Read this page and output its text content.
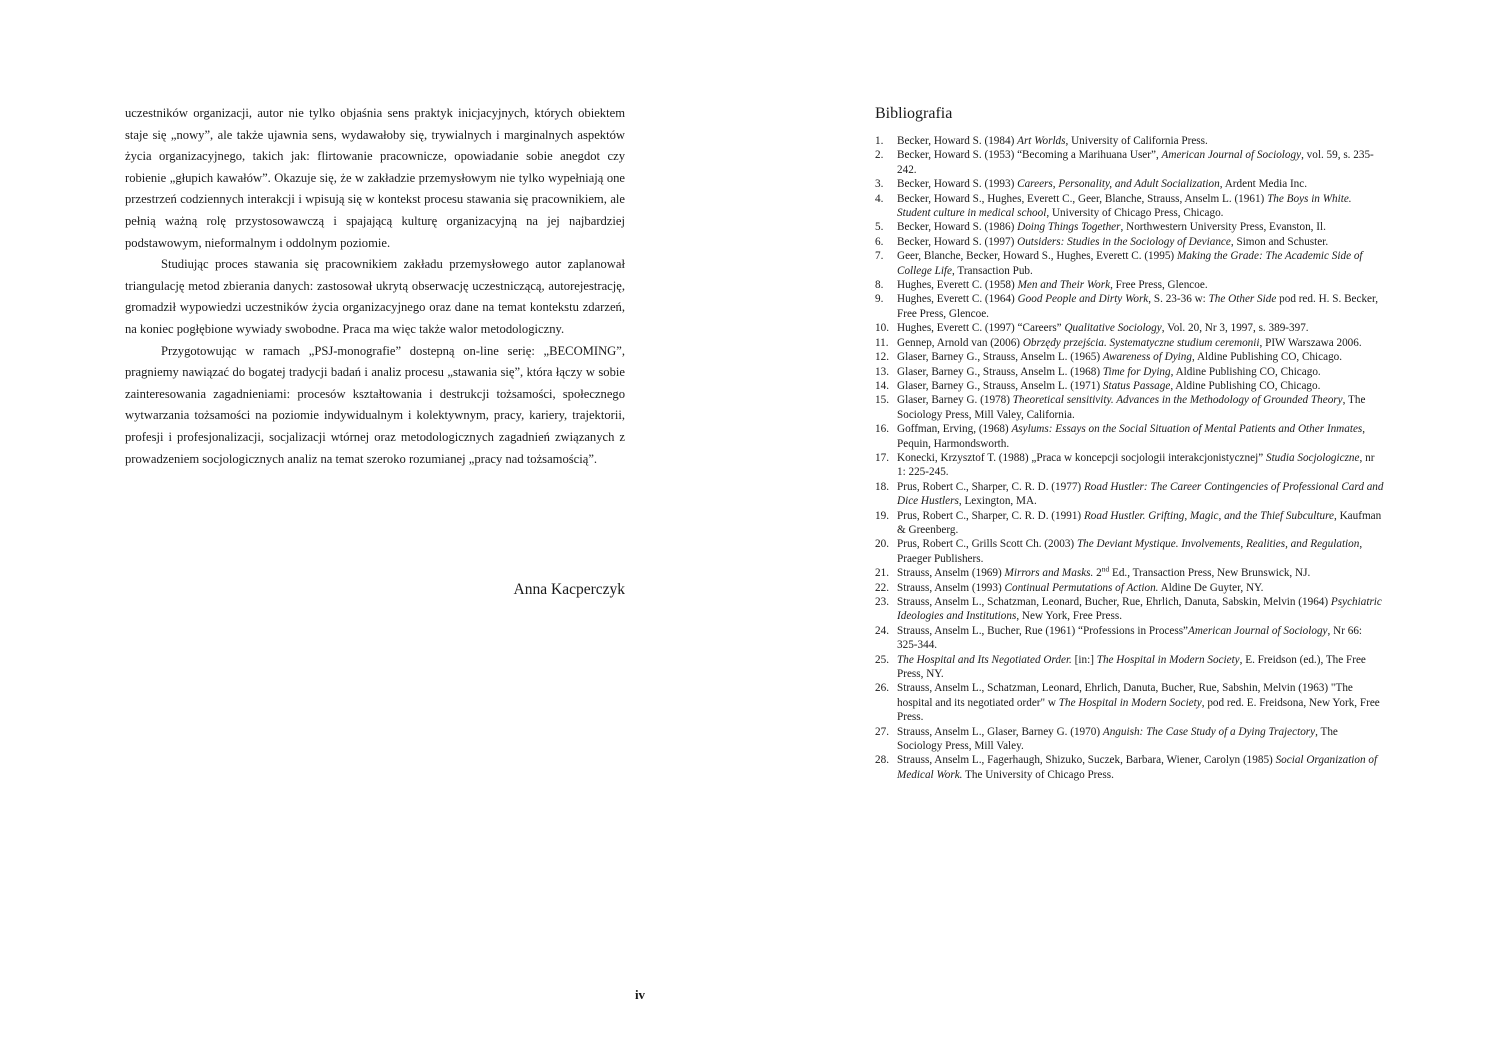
uczestników organizacji, autor nie tylko objaśnia sens praktyk inicjacyjnych, których obiektem staje się „nowy”, ale także ujawnia sens, wydawałoby się, trywialnych i marginalnych aspektów życia organizacyjnego, takich jak: flirtowanie pracownicze, opowiadanie sobie anegdot czy robienie „głupich kawałów”. Okazuje się, że w zakładzie przemysłowym nie tylko wypełniają one przestrzeń codziennych interakcji i wpisują się w kontekst procesu stawania się pracownikiem, ale pełnią ważną rolę przystosowawczą i spajającą kulturę organizacyjną na jej najbardziej podstawowym, nieformalnym i oddolnym poziomie.

Studiując proces stawania się pracownikiem zakładu przemysłowego autor zaplanował triangulację metod zbierania danych: zastosował ukrytą obserwację uczestniczącą, autorejestrację, gromadził wypowiedzi uczestników życia organizacyjnego oraz dane na temat kontekstu zdarzeń, na koniec pogłębione wywiady swobodne. Praca ma więc także walor metodologiczny.

Przygotowując w ramach „PSJ-monografie” dostepną on-line serię: „BECOMING”, pragniemy nawiązać do bogatej tradycji badań i analiz procesu „stawania się”, która łączy w sobie zainteresowania zagadnieniami: procesów kształtowania i destrukcji tożsamości, społecznego wytwarzania tożsamości na poziomie indywidualnym i kolektywnym, pracy, kariery, trajektorii, profesji i profesjonalizacji, socjalizacji wtórnej oraz metodologicznych zagadnień związanych z prowadzeniem socjologicznych analiz na temat szeroko rozumianej „pracy nad tożsamością”.

Anna Kacperczyk
iv
Bibliografia
1. Becker, Howard S. (1984) Art Worlds, University of California Press.
2. Becker, Howard S. (1953) “Becoming a Marihuana User”, American Journal of Sociology, vol. 59, s. 235-242.
3. Becker, Howard S. (1993) Careers, Personality, and Adult Socialization, Ardent Media Inc.
4. Becker, Howard S., Hughes, Everett C., Geer, Blanche, Strauss, Anselm L. (1961) The Boys in White. Student culture in medical school, University of Chicago Press, Chicago.
5. Becker, Howard S. (1986) Doing Things Together, Northwestern University Press, Evanston, Il.
6. Becker, Howard S. (1997) Outsiders: Studies in the Sociology of Deviance, Simon and Schuster.
7. Geer, Blanche, Becker, Howard S., Hughes, Everett C. (1995) Making the Grade: The Academic Side of College Life, Transaction Pub.
8. Hughes, Everett C. (1958) Men and Their Work, Free Press, Glencoe.
9. Hughes, Everett C. (1964) Good People and Dirty Work, S. 23-36 w: The Other Side pod red. H. S. Becker, Free Press, Glencoe.
10. Hughes, Everett C. (1997) “Careers” Qualitative Sociology, Vol. 20, Nr 3, 1997, s. 389-397.
11. Gennep, Arnold van (2006) Obrzędy przejścia. Systematyczne studium ceremonii, PIW Warszawa 2006.
12. Glaser, Barney G., Strauss, Anselm L. (1965) Awareness of Dying, Aldine Publishing CO, Chicago.
13. Glaser, Barney G., Strauss, Anselm L. (1968) Time for Dying, Aldine Publishing CO, Chicago.
14. Glaser, Barney G., Strauss, Anselm L. (1971) Status Passage, Aldine Publishing CO, Chicago.
15. Glaser, Barney G. (1978) Theoretical sensitivity. Advances in the Methodology of Grounded Theory, The Sociology Press, Mill Valey, California.
16. Goffman, Erving, (1968) Asylums: Essays on the Social Situation of Mental Patients and Other Inmates, Pequin, Harmondsworth.
17. Konecki, Krzysztof T. (1988) „Praca w koncepcji socjologii interakcjonistycznej” Studia Socjologiczne, nr 1: 225-245.
18. Prus, Robert C., Sharper, C. R. D. (1977) Road Hustler: The Career Contingencies of Professional Card and Dice Hustlers, Lexington, MA.
19. Prus, Robert C., Sharper, C. R. D. (1991) Road Hustler. Grifting, Magic, and the Thief Subculture, Kaufman & Greenberg.
20. Prus, Robert C., Grills Scott Ch. (2003) The Deviant Mystique. Involvements, Realities, and Regulation, Praeger Publishers.
21. Strauss, Anselm (1969) Mirrors and Masks. 2nd Ed., Transaction Press, New Brunswick, NJ.
22. Strauss, Anselm (1993) Continual Permutations of Action. Aldine De Guyter, NY.
23. Strauss, Anselm L., Schatzman, Leonard, Bucher, Rue, Ehrlich, Danuta, Sabskin, Melvin (1964) Psychiatric Ideologies and Institutions, New York, Free Press.
24. Strauss, Anselm L., Bucher, Rue (1961) “Professions in Process”American Journal of Sociology, Nr 66: 325-344.
25. The Hospital and Its Negotiated Order. [in:] The Hospital in Modern Society, E. Freidson (ed.), The Free Press, NY.
26. Strauss, Anselm L., Schatzman, Leonard, Ehrlich, Danuta, Bucher, Rue, Sabshin, Melvin (1963) "The hospital and its negotiated order" w The Hospital in Modern Society, pod red. E. Freidsona, New York, Free Press.
27. Strauss, Anselm L., Glaser, Barney G. (1970) Anguish: The Case Study of a Dying Trajectory, The Sociology Press, Mill Valey.
28. Strauss, Anselm L., Fagerhaugh, Shizuko, Suczek, Barbara, Wiener, Carolyn (1985) Social Organization of Medical Work. The University of Chicago Press.
